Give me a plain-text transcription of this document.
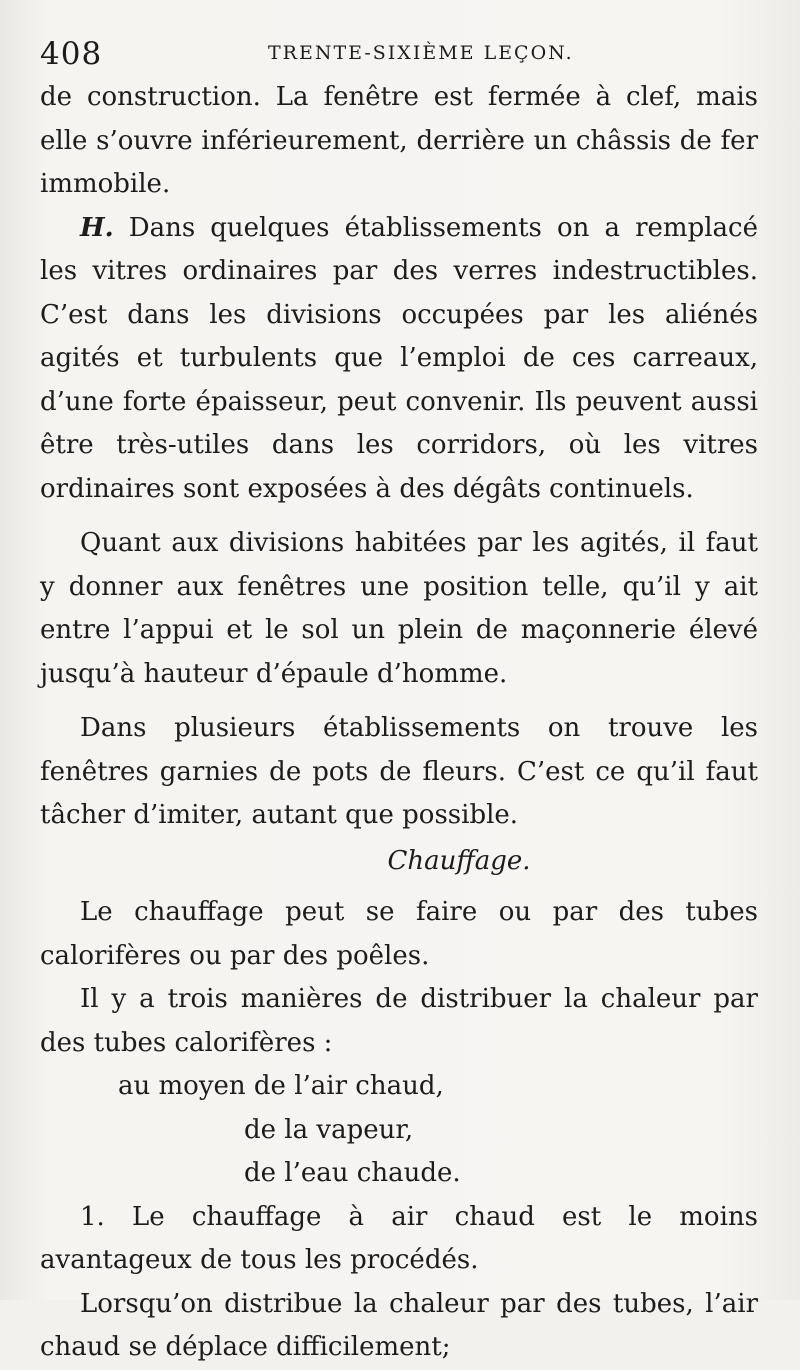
408	TRENTE-SIXIÈME LEÇON.

de construction. La fenêtre est fermée à clef, mais elle s’ouvre inférieurement, derrière un châssis de fer immobile.

H. Dans quelques établissements on a remplacé les vitres ordinaires par des verres indestructibles. C’est dans les divisions occupées par les aliénés agités et turbulents que l’emploi de ces carreaux, d’une forte épaisseur, peut convenir. Ils peuvent aussi être très-utiles dans les corridors, où les vitres ordinaires sont exposées à des dégâts continuels.

Quant aux divisions habitées par les agités, il faut y donner aux fenêtres une position telle, qu’il y ait entre l’appui et le sol un plein de maçonnerie élevé jusqu’à hauteur d’épaule d’homme.

Dans plusieurs établissements on trouve les fenêtres garnies de pots de fleurs. C’est ce qu’il faut tâcher d’imiter, autant que possible.

Chauffage.

Le chauffage peut se faire ou par des tubes calorifères ou par des poêles.

Il y a trois manières de distribuer la chaleur par des tubes calorifères :

au moyen de l’air chaud,

de la vapeur,

de l’eau chaude.

1. Le chauffage à air chaud est le moins avantageux de tous les procédés.

Lorsqu’on distribue la chaleur par des tubes, l’air chaud se déplace difficilement;
